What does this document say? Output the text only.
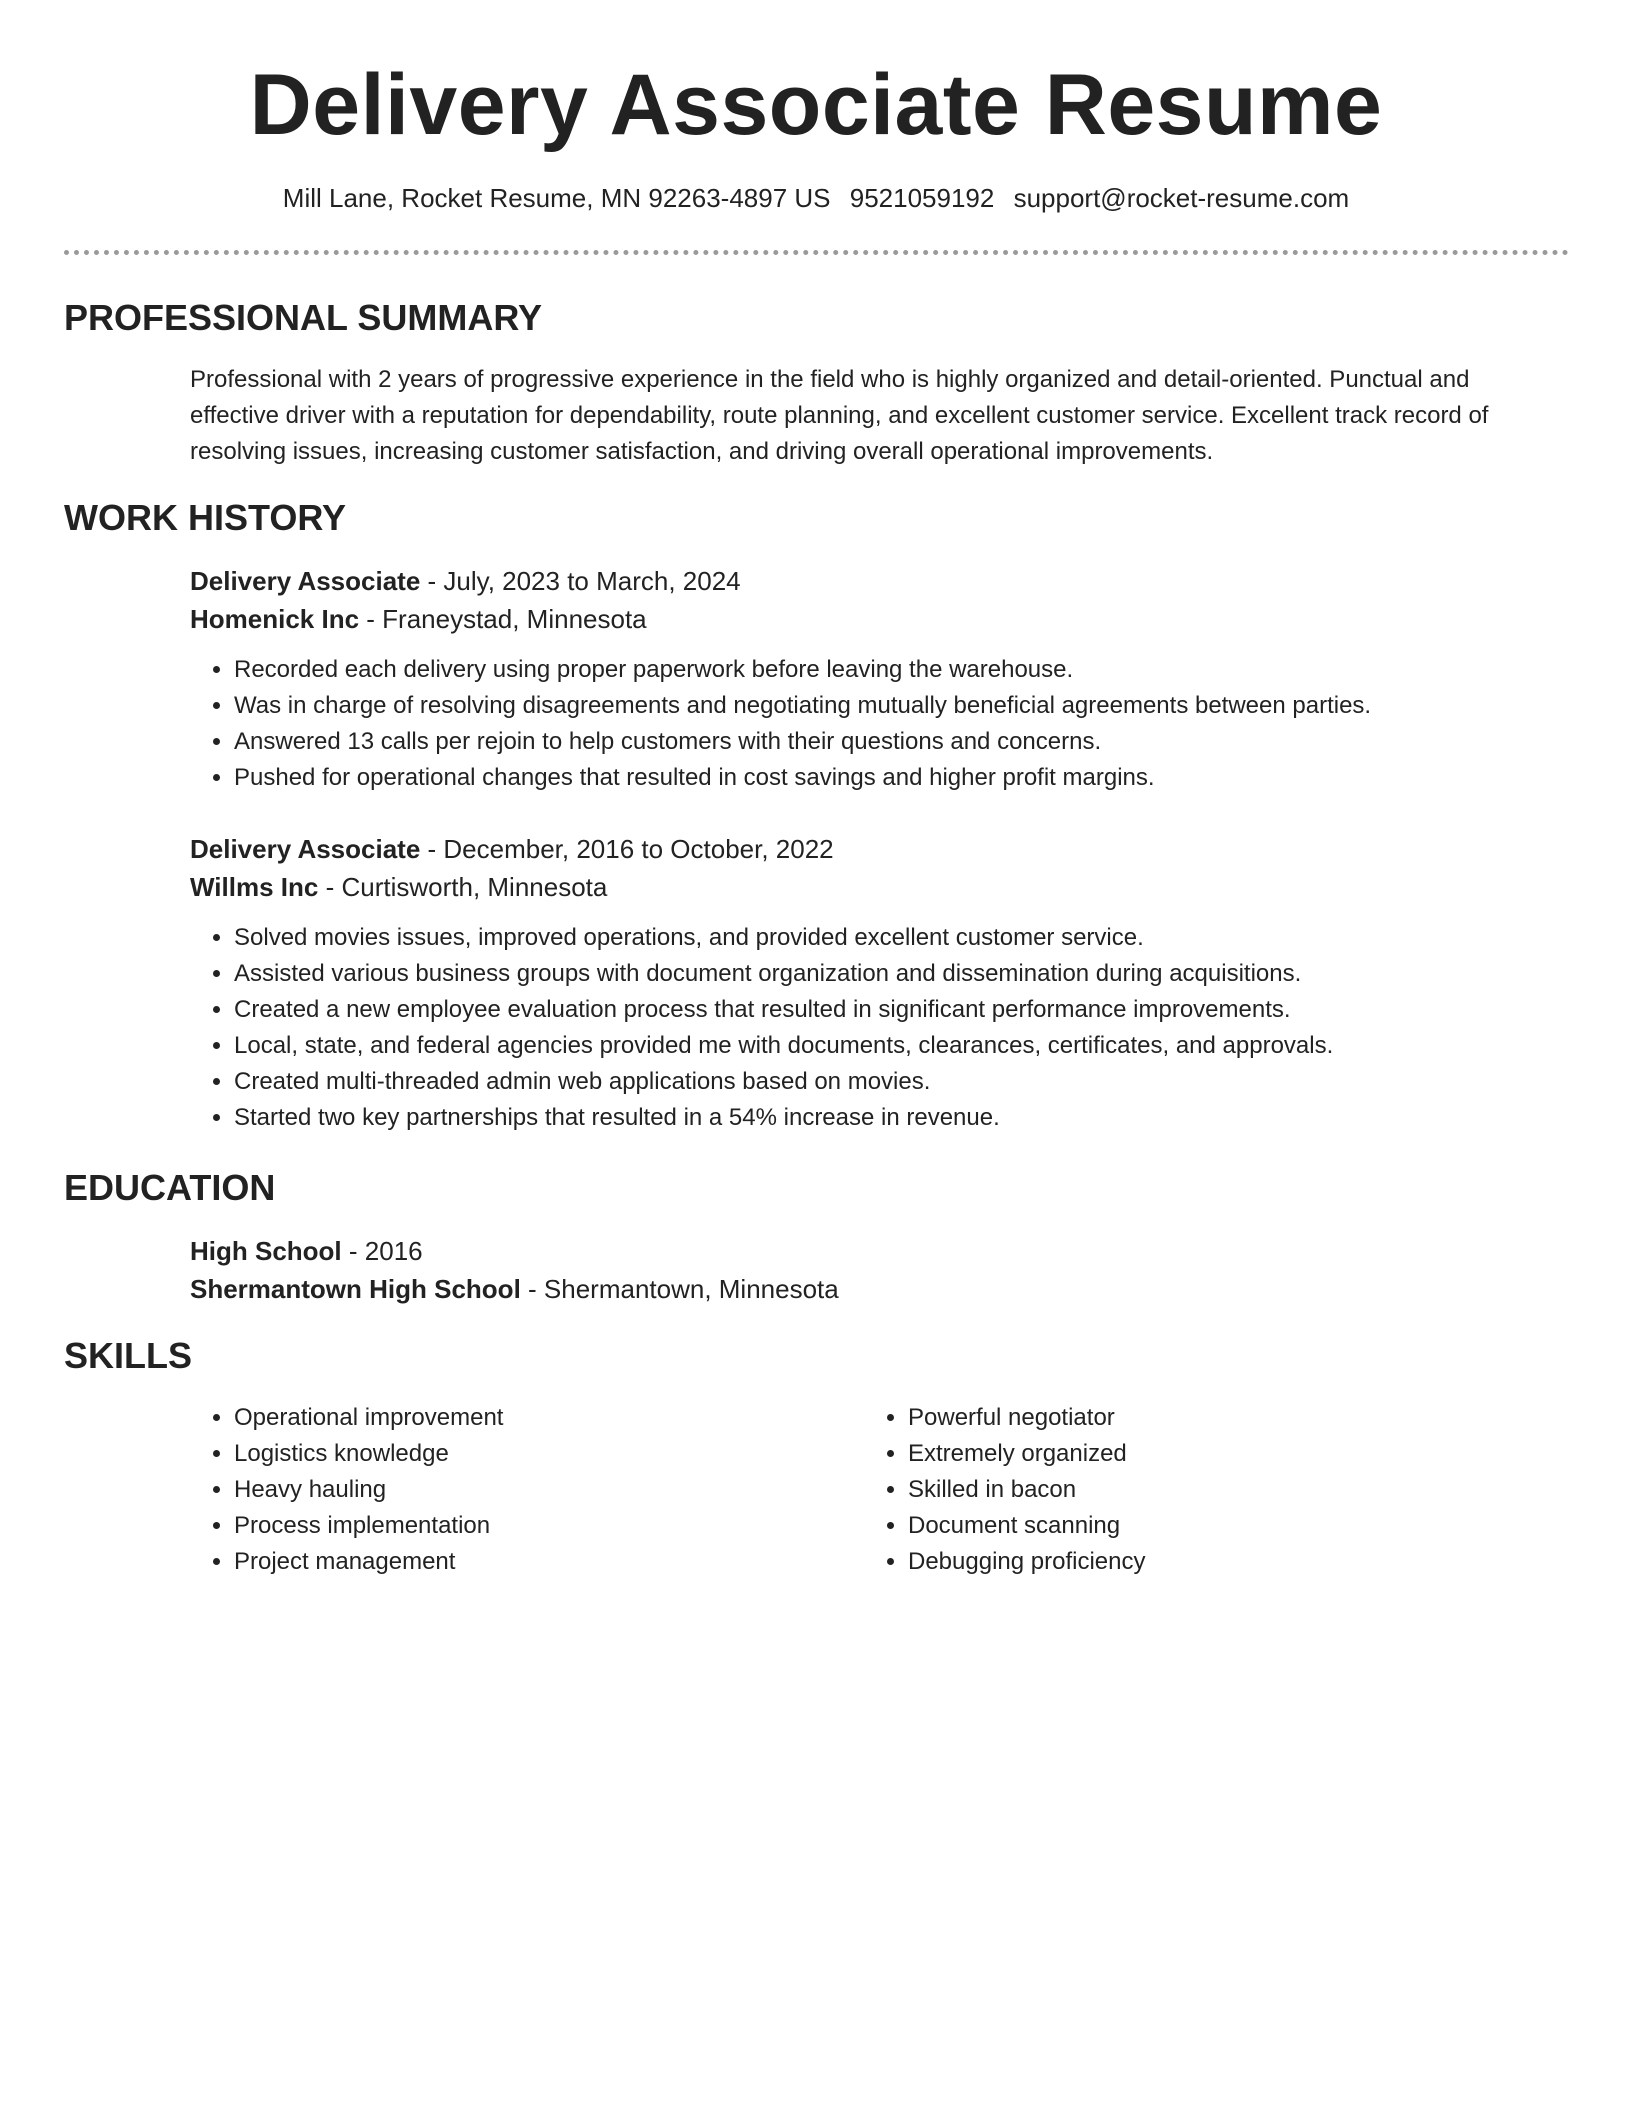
Delivery Associate Resume
Mill Lane, Rocket Resume, MN 92263-4897 US 9521059192 support@rocket-resume.com
PROFESSIONAL SUMMARY

Professional with 2 years of progressive experience in the field who is highly organized and detail-oriented. Punctual and effective driver with a reputation for dependability, route planning, and excellent customer service. Excellent track record of resolving issues, increasing customer satisfaction, and driving overall operational improvements.

WORK HISTORY
Delivery Associate - July, 2023 to March, 2024
Homenick Inc - Franeystad, Minnesota
• Recorded each delivery using proper paperwork before leaving the warehouse.
• Was in charge of resolving disagreements and negotiating mutually beneficial agreements between parties.
• Answered 13 calls per rejoin to help customers with their questions and concerns.
• Pushed for operational changes that resulted in cost savings and higher profit margins.
Delivery Associate - December, 2016 to October, 2022
Willms Inc - Curtisworth, Minnesota
• Solved movies issues, improved operations, and provided excellent customer service.
• Assisted various business groups with document organization and dissemination during acquisitions.
• Created a new employee evaluation process that resulted in significant performance improvements.
• Local, state, and federal agencies provided me with documents, clearances, certificates, and approvals.
• Created multi-threaded admin web applications based on movies.
• Started two key partnerships that resulted in a 54% increase in revenue.
EDUCATION
High School - 2016
Shermantown High School - Shermantown, Minnesota
SKILLS
• Operational improvement
• Logistics knowledge
• Heavy hauling
• Process implementation
• Project management
• Powerful negotiator
• Extremely organized
• Skilled in bacon
• Document scanning
• Debugging proficiency
